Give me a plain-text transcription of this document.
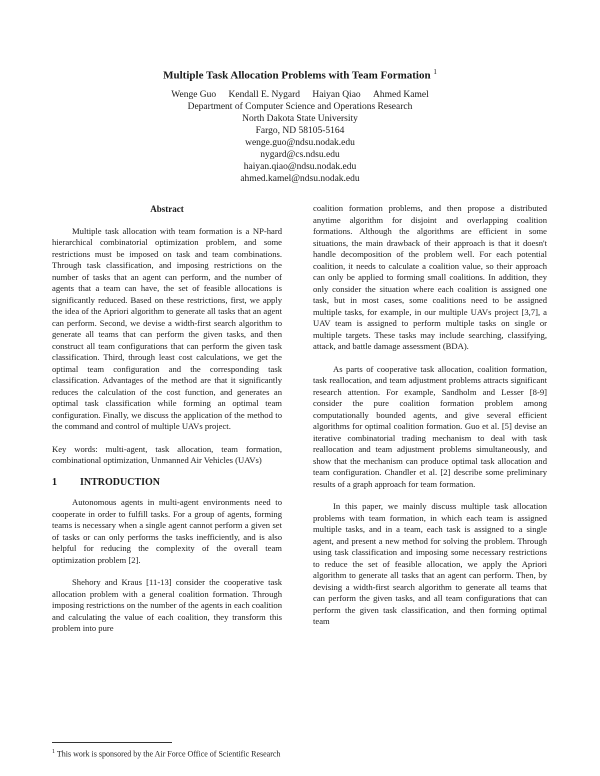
Multiple Task Allocation Problems with Team Formation $^1$
Wenge Guo Kendall E. Nygard Haiyan Qiao Ahmed Kamel
Department of Computer Science and Operations Research
North Dakota State University
Fargo, ND 58105-5164
wenge.guo@ndsu.nodak.edu
nygard@cs.ndsu.edu
haiyan.qiao@ndsu.nodak.edu
ahmed.kamel@ndsu.nodak.edu
Abstract

Multiple task allocation with team formation is a NP-hard hierarchical combinatorial optimization problem, and some restrictions must be imposed on task and team combinations. Through task classification, and imposing restrictions on the number of tasks that an agent can perform, and the number of agents that a team can have, the set of feasible allocations is significantly reduced. Based on these restrictions, first, we apply the idea of the Apriori algorithm to generate all tasks that an agent can perform. Second, we devise a width-first search algorithm to generate all teams that can perform the given tasks, and then construct all team configurations that can perform the given task classification. Third, through least cost calculations, we get the optimal team configuration and the corresponding task classification. Advantages of the method are that it significantly reduces the calculation of the cost function, and generates an optimal task classification while forming an optimal team configuration. Finally, we discuss the application of the method to the command and control of multiple UAVs project.

Key words: multi-agent, task allocation, team formation, combinational optimization, Unmanned Air Vehicles (UAVs)

1	INTRODUCTION

Autonomous agents in multi-agent environments need to cooperate in order to fulfill tasks. For a group of agents, forming teams is necessary when a single agent cannot perform a given set of tasks or can only performs the tasks inefficiently, and is also helpful for reducing the complexity of the overall team optimization problem [2].

Shehory and Kraus [11-13] consider the cooperative task allocation problem with a general coalition formation. Through imposing restrictions on the number of the agents in each coalition and calculating the value of each coalition, they transform this problem into pure

coalition formation problems, and then propose a distributed anytime algorithm for disjoint and overlapping coalition formations. Although the algorithms are efficient in some situations, the main drawback of their approach is that it doesn't handle decomposition of the problem well. For each potential coalition, it needs to calculate a coalition value, so their approach can only be applied to forming small coalitions. In addition, they only consider the situation where each coalition is assigned one task, but in most cases, some coalitions need to be assigned multiple tasks, for example, in our multiple UAVs project [3,7], a UAV team is assigned to perform multiple tasks on single or multiple targets. These tasks may include searching, classifying, attack, and battle damage assessment (BDA).

As parts of cooperative task allocation, coalition formation, task reallocation, and team adjustment problems attracts significant research attention. For example, Sandholm and Lesser [8-9] consider the pure coalition formation problem among computationally bounded agents, and give several efficient algorithms for optimal coalition formation. Guo et al. [5] devise an iterative combinatorial trading mechanism to deal with task reallocation and team adjustment problems simultaneously, and show that the mechanism can produce optimal task allocation and team configuration. Chandler et al. [2] describe some preliminary results of a graph approach for team formation.

In this paper, we mainly discuss multiple task allocation problems with team formation, in which each team is assigned multiple tasks, and in a team, each task is assigned to a single agent, and present a new method for solving the problem. Through using task classification and imposing some necessary restrictions to reduce the set of feasible allocation, we apply the Apriori algorithm to generate all tasks that an agent can perform. Then, by devising a width-first search algorithm to generate all teams that can perform the given tasks, and all team configurations that can perform the given task classification, and then forming optimal team

$^1$ This work is sponsored by the Air Force Office of Scientific Research
